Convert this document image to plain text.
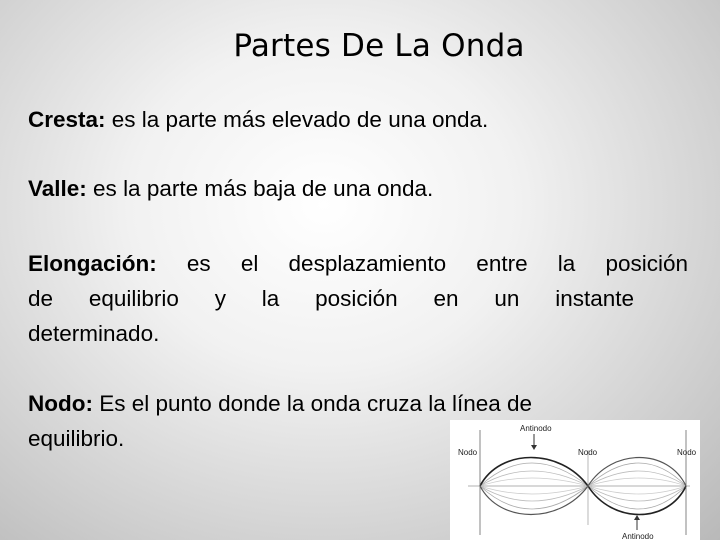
Partes De La Onda
Cresta: es la parte más elevado de una onda.
Valle: es la parte más baja de una onda.
Elongación: es el desplazamiento entre la posición
de equilibrio y la posición en un instante
determinado.
Nodo: Es el punto donde la onda cruza la línea de
equilibrio.	Antinodo
Nodo	Nodo	Nodo
Antinodo
